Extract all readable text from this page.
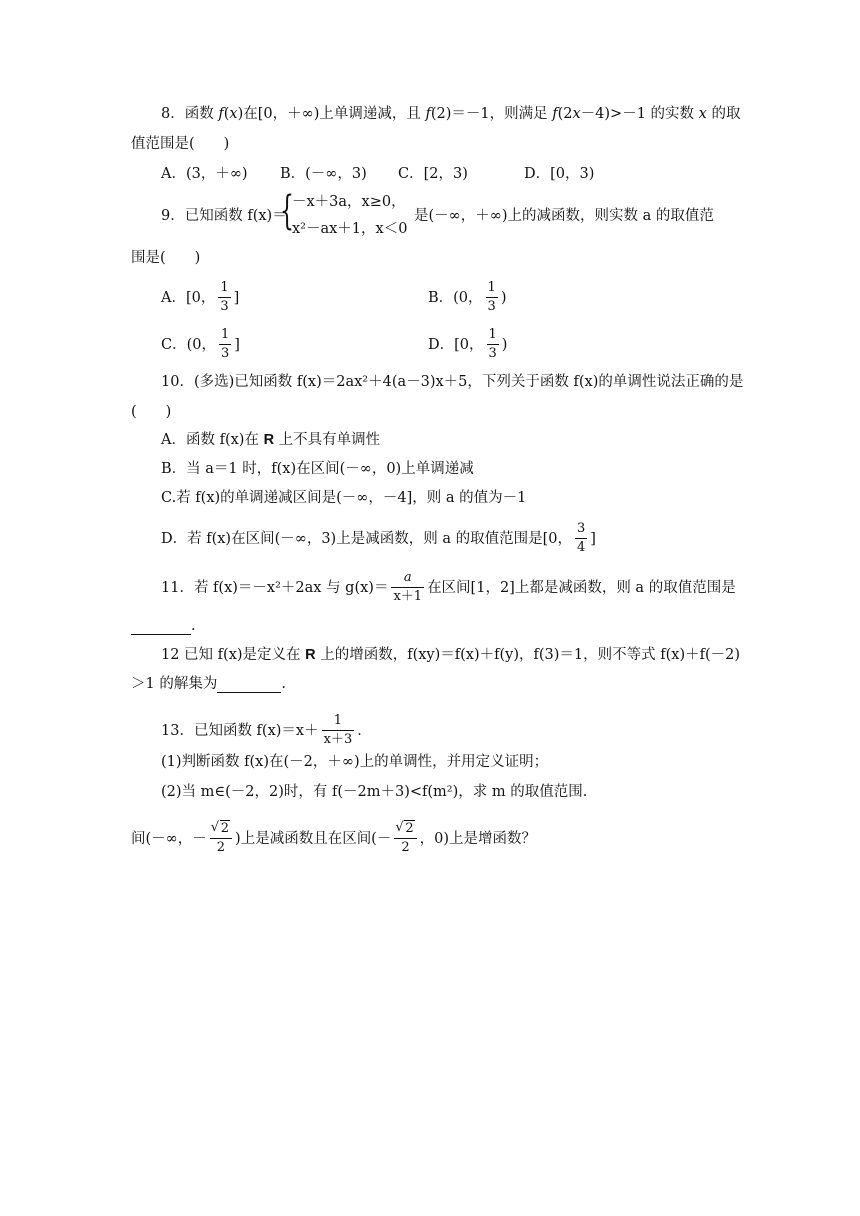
8．函数 f(x)在[0，＋∞)上单调递减，且 f(2)＝－1，则满足 f(2x－4)>－1 的实数 x 的取
值范围是(　　)
A．(3，＋∞) B．(－∞，3) C．[2，3)	D．[0，3)
9．已知函数 f(x)＝
{
－x＋3a，x≥0，
x²－ax＋1，x＜0
是(－∞，＋∞)上的减函数，则实数 a 的取值范
围是(　　)
A．[0， $\frac{1}{3}$ ]	B．(0， $\frac{1}{3}$ )
C．(0， $\frac{1}{3}$ ]	D．[0， $\frac{1}{3}$ )
10．(多选)已知函数 f(x)＝2ax²＋4(a－3)x＋5，下列关于函数 f(x)的单调性说法正确的是
(　　)
A．函数 f(x)在 R 上不具有单调性
B．当 a＝1 时，f(x)在区间(－∞，0)上单调递减
C.若 f(x)的单调递减区间是(－∞，－4]，则 a 的值为－1
D．若 f(x)在区间(－∞，3)上是减函数，则 a 的取值范围是[0， $\frac{3}{4}$ ]
11．若 f(x)＝－x²＋2ax 与 $g(x)= \frac{a}{x+1}$ 在区间[1，2]上都是减函数，则 a 的取值范围是
.
12 已知 f(x)是定义在 R 上的增函数，f(xy)＝f(x)＋f(y)，f(3)＝1，则不等式 f(x)＋f(－2)
＞1 的解集为	.
13．已知函数 $f(x)=x+ \frac{1}{x+3}$ ．
(1)判断函数 f(x)在(－2，＋∞)上的单调性，并用定义证明；
(2)当 m∈(－2，2)时，有 f(－2m＋3)<f(m²)，求 m 的取值范围.
间(－∞，－ √ $\frac{2}{2}$ )上是减函数且在区间(－ √ $\frac{2}{2}$ ，0)上是增函数？
